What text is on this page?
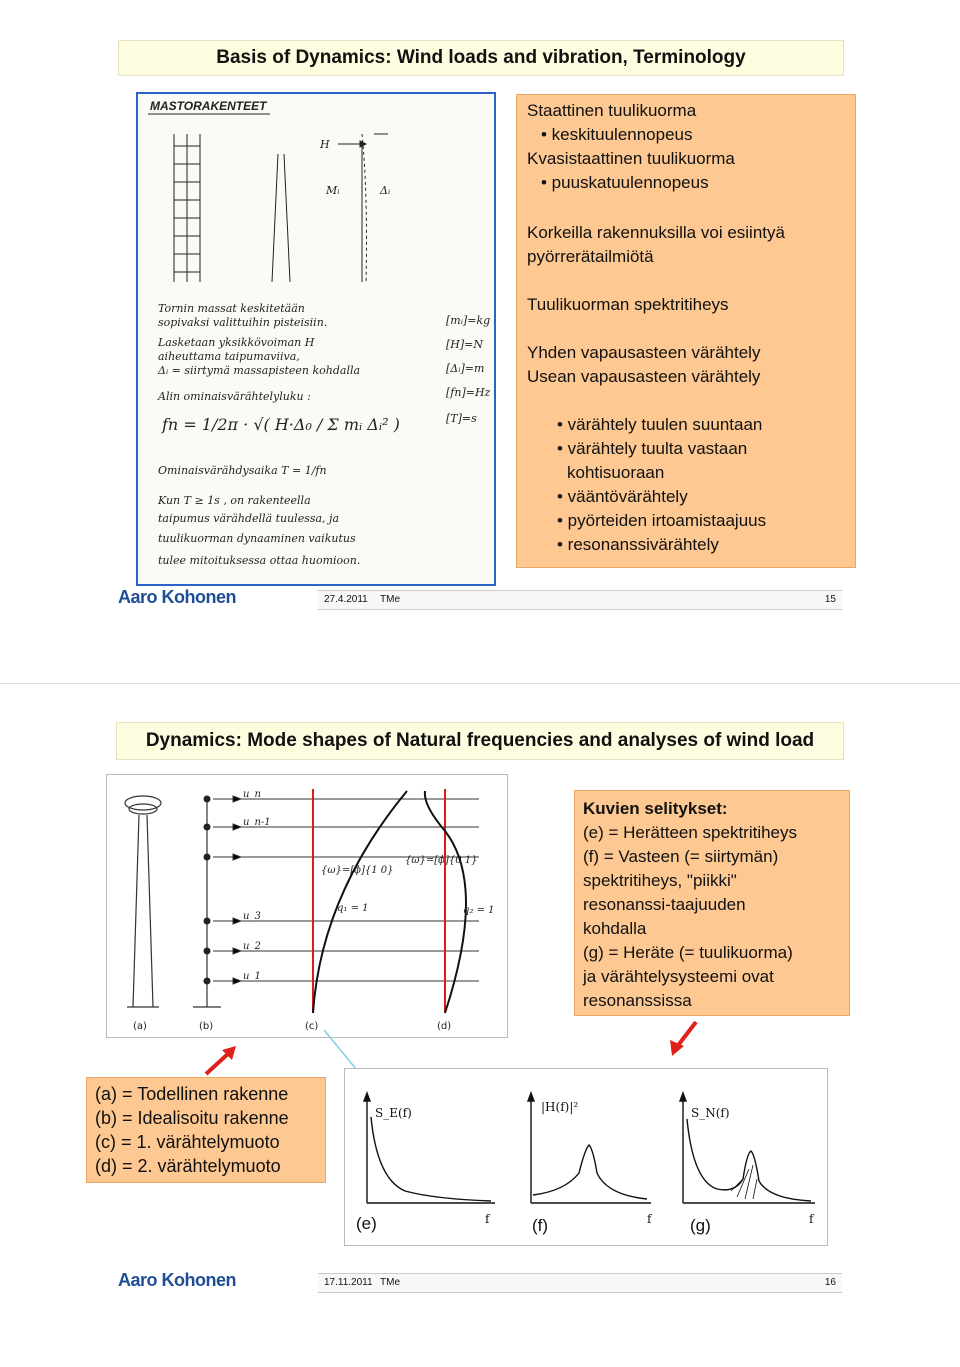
Basis of Dynamics: Wind loads and vibration, Terminology
MASTORAKENTEET
H
Mᵢ	Δᵢ
Tornin massat keskitetään
sopivaksi valittuihin pisteisiin.
Lasketaan yksikkövoiman H
aiheuttama taipumaviiva,
Δᵢ = siirtymä massapisteen kohdalla
Alin ominaisvärähtelyluku :
fn = 1/2π · √( H·Δ₀ / Σ mᵢ Δᵢ² )
Ominaisvärähdysaika T = 1/fn
Kun T ≥ 1s , on rakenteella
taipumus värähdellä tuulessa, ja
tuulikuorman dynaaminen vaikutus
tulee mitoituksessa ottaa huomioon.
[mᵢ]=kg
[H]=N
[Δᵢ]=m
[fn]=Hz
[T]=s
Staattinen tuulikuorma
• keskituulennopeus
Kvasistaattinen tuulikuorma
• puuskatuulennopeus
Korkeilla rakennuksilla voi esiintyä
pyörrerätailmiötä
Tuulikuorman spektritiheys
Yhden vapausasteen värähtely
Usean vapausasteen värähtely
• värähtely tuulen suuntaan
• värähtely tuulta vastaan
kohtisuoraan
• vääntövärähtely
• pyörteiden irtoamistaajuus
• resonanssivärähtely
Aaro Kohonen	27.4.2011 TMe	15
Dynamics: Mode shapes of Natural frequencies and analyses of wind load
u_n
u_n-1
u_3
u_2
u_1
{ω}=[ϕ]{1 0}
{ω}=[ϕ]{0 1}
q₁ = 1	q₂ = 1
(a)	(b)	(c)	(d)
Kuvien selitykset:
(e) = Herätteen spektritiheys
(f) = Vasteen (= siirtymän)
spektritiheys, "piikki"
resonanssi-taajuuden
kohdalla
(g) = Heräte (= tuulikuorma)
ja värähtelysysteemi ovat
resonanssissa
(a) = Todellinen rakenne
(b) = Idealisoitu rakenne
(c) = 1. värähtelymuoto
(d) = 2. värähtelymuoto
S_E(f)	|H(f)|²	S_N(f)
f	f	f
(e)	(f)	(g)
Aaro Kohonen	17.11.2011 TMe	16
